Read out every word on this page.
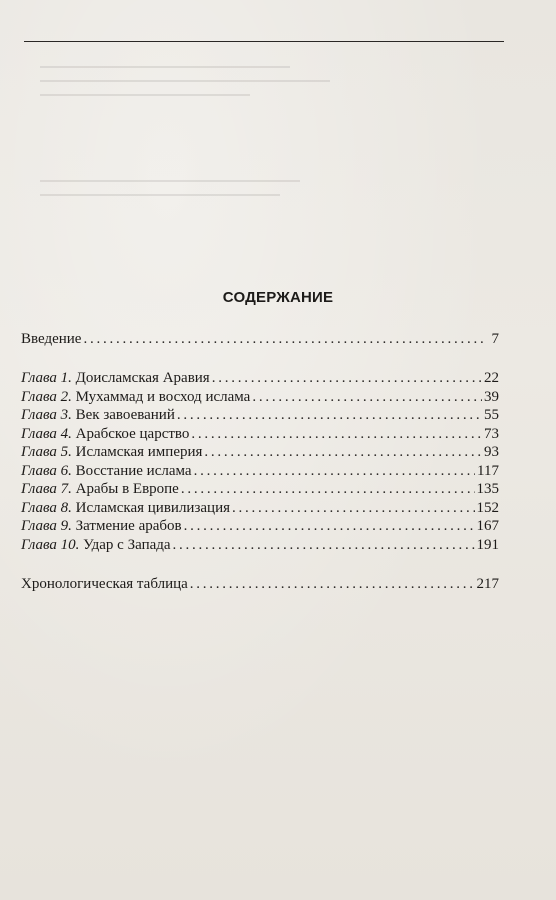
СОДЕРЖАНИЕ
Введение . . .	7
Глава 1. Доисламская Аравия . . .	22
Глава 2. Мухаммад и восход ислама . . .	39
Глава 3. Век завоеваний . . .	55
Глава 4. Арабское царство . . .	73
Глава 5. Исламская империя . . .	93
Глава 6. Восстание ислама . . .	117
Глава 7. Арабы в Европе . . .	135
Глава 8. Исламская цивилизация . . .	152
Глава 9. Затмение арабов . . .	167
Глава 10. Удар с Запада . . .	191
Хронологическая таблица . . .	217
